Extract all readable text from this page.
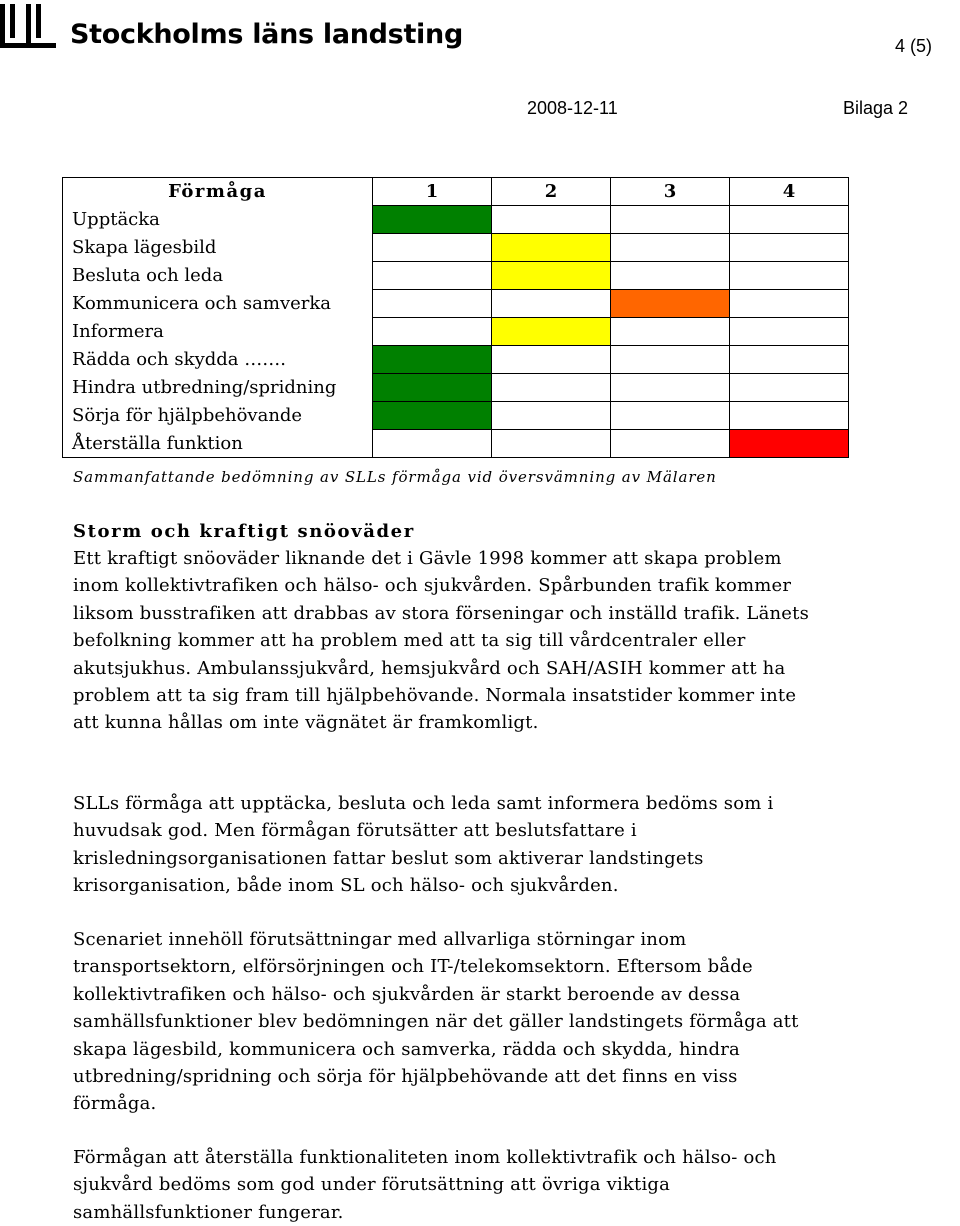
Stockholms läns landsting	4 (5)
2008-12-11	Bilaga 2
Förmåga	1	2	3	4
Upptäcka				
Skapa lägesbild				
Besluta och leda				
Kommunicera och samverka				
Informera				
Rädda och skydda …….				
Hindra utbredning/spridning				
Sörja för hjälpbehövande				
Återställa funktion				
Sammanfattande bedömning av SLLs förmåga vid översvämning av Mälaren
Storm och kraftigt snöoväder
Ett kraftigt snöoväder liknande det i Gävle 1998 kommer att skapa problem inom kollektivtrafiken och hälso- och sjukvården. Spårbunden trafik kommer liksom busstrafiken att drabbas av stora förseningar och inställd trafik. Länets befolkning kommer att ha problem med att ta sig till vårdcentraler eller akutsjukhus. Ambulanssjukvård, hemsjukvård och SAH/ASIH kommer att ha problem att ta sig fram till hjälpbehövande. Normala insatstider kommer inte att kunna hållas om inte vägnätet är framkomligt.
SLLs förmåga att upptäcka, besluta och leda samt informera bedöms som i huvudsak god. Men förmågan förutsätter att beslutsfattare i krisledningsorganisationen fattar beslut som aktiverar landstingets krisorganisation, både inom SL och hälso- och sjukvården.
Scenariet innehöll förutsättningar med allvarliga störningar inom transportsektorn, elförsörjningen och IT-/telekomsektorn. Eftersom både kollektivtrafiken och hälso- och sjukvården är starkt beroende av dessa samhällsfunktioner blev bedömningen när det gäller landstingets förmåga att skapa lägesbild, kommunicera och samverka, rädda och skydda, hindra utbredning/spridning och sörja för hjälpbehövande att det finns en viss förmåga.
Förmågan att återställa funktionaliteten inom kollektivtrafik och hälso- och sjukvård bedöms som god under förutsättning att övriga viktiga samhällsfunktioner fungerar.
